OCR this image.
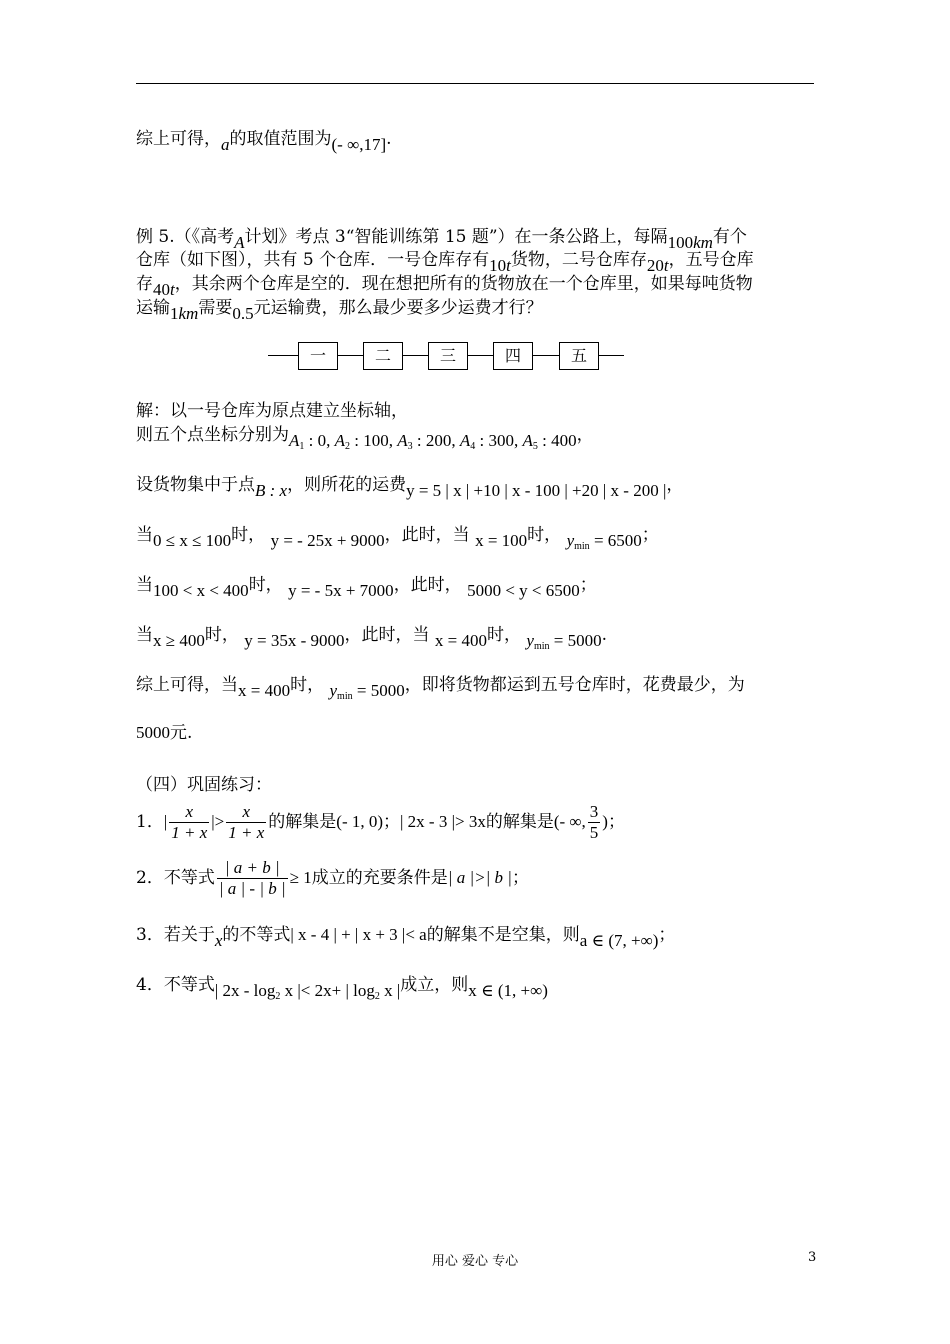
综上可得，a的取值范围为(- ∞,17].
例 5.（《高考A计划》考点 3“智能训练第 15 题”）在一条公路上，每隔100km有个
仓库（如下图），共有 5 个仓库．一号仓库存有10t货物，二号仓库存20t，五号仓库
存40t，其余两个仓库是空的．现在想把所有的货物放在一个仓库里，如果每吨货物
运输1km需要0.5元运输费，那么最少要多少运费才行？
一	二	三	四	五
解：以一号仓库为原点建立坐标轴，
则五个点坐标分别为$A_1$ : 0, $A_2$ : 100, $A_3$ : 200, $A_4$ : 300, $A_5$ : 400，
设货物集中于点B : x，则所花的运费y = 5 | x | +10 | x - 100 | +20 | x - 200 |，
当0 ≤ x ≤ 100时， y = - 25x + 9000，此时，当 x = 100时， $y_{min} = 6500$；
当100 < x < 400时， y = - 5x + 7000，此时， 5000 < y < 6500；
当x ≥ 400时， y = 35x - 9000，此时，当 x = 400时， $y_{min} = 5000$.
综上可得，当x = 400时， $y_{min} = 5000$，即将货物都运到五号仓库时，花费最少，为
5000元.
（四）巩固练习：
1．| $\frac{x}{1 + x}$ |> $\frac{x}{1 + x}$ 的解集是(- 1, 0)；| 2x - 3 |> 3x的解集是(- ∞, $\frac{3}{5}$ )；
2．不等式 $\frac{| a + b |}{| a | - | b |} \ge 1$成立的充要条件是| a |>| b |；
3．若关于x的不等式| x - 4 | + | x + 3 |< a的解集不是空集，则a ∈ (7, +∞)；
4．不等式| $2x - \log_2 x$ |< 2x+ | $\log_2 x$ |成立，则x ∈ (1, +∞)
用心 爱心 专心	3
